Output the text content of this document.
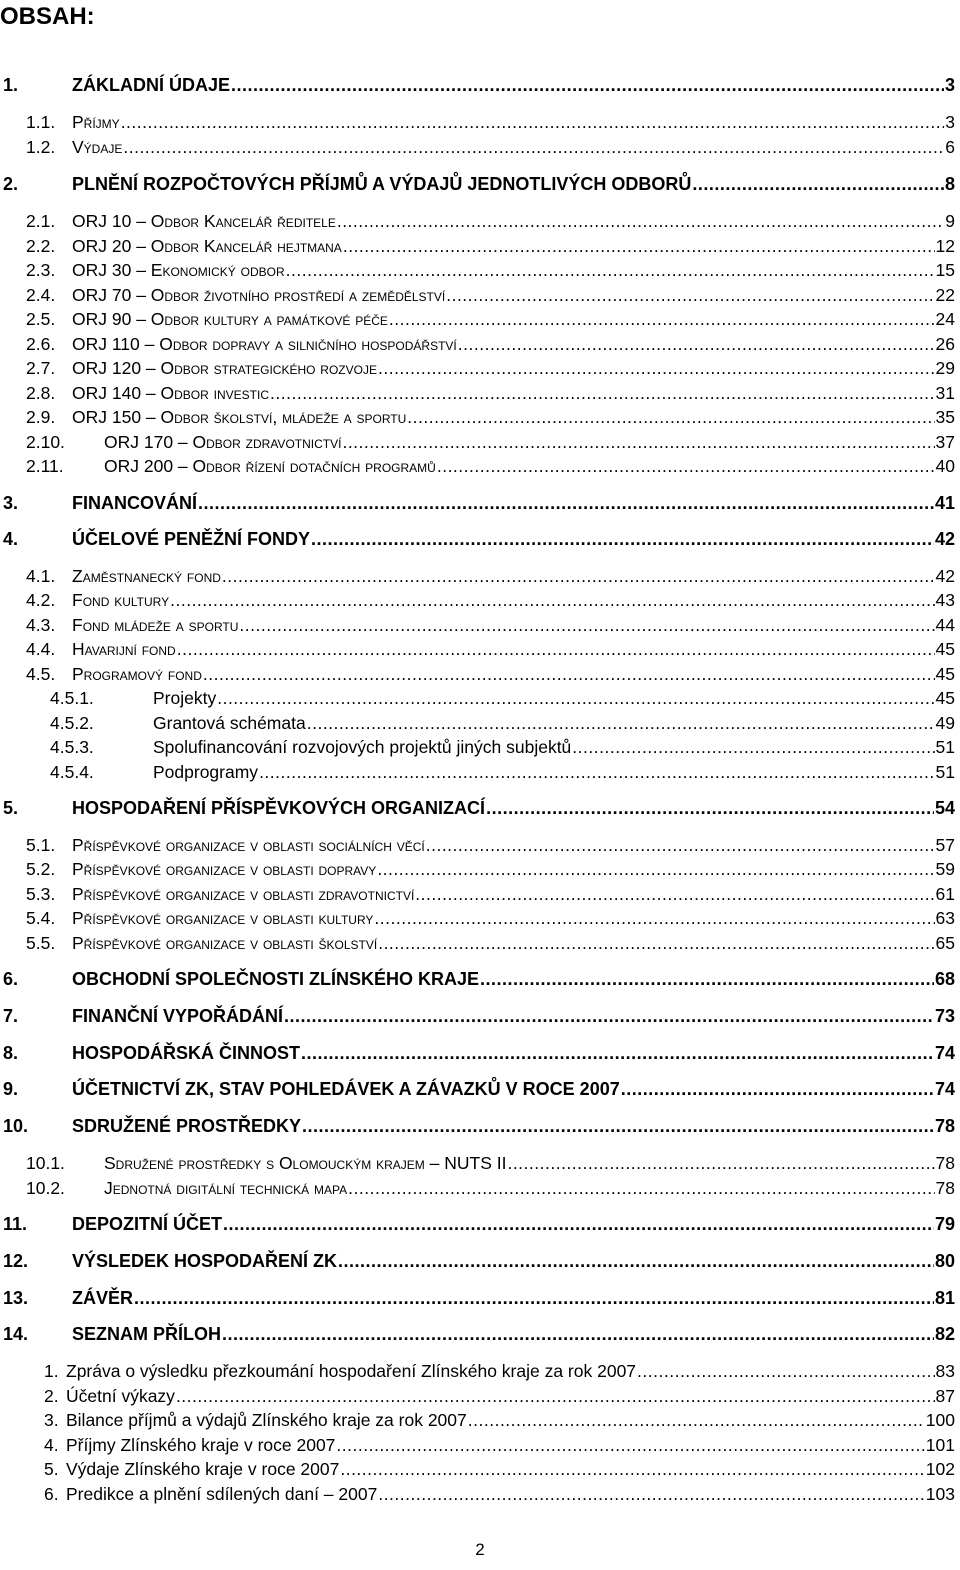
OBSAH:
1.	ZÁKLADNÍ ÚDAJE .....	3
1.1. Příjmy .....	3
1.2. Výdaje .....	6
2.	PLNĚNÍ ROZPOČTOVÝCH PŘÍJMŮ A VÝDAJŮ JEDNOTLIVÝCH ODBORŮ .....	8
2.1. ORJ 10 – Odbor Kancelář ředitele .....	9
2.2. ORJ 20 – Odbor Kancelář hejtmana .....	12
2.3. ORJ 30 – Ekonomický odbor .....	15
2.4. ORJ 70 – Odbor životního prostředí a zemědělství .....	22
2.5. ORJ 90 – Odbor kultury a památkové péče .....	24
2.6. ORJ 110 – Odbor dopravy a silničního hospodářství .....	26
2.7. ORJ 120 – Odbor strategického rozvoje .....	29
2.8. ORJ 140 – Odbor investic .....	31
2.9. ORJ 150 – Odbor školství, mládeže a sportu .....	35
2.10.	ORJ 170 – Odbor zdravotnictví .....	37
2.11.	ORJ 200 – Odbor řízení dotačních programů .....	40
3.	FINANCOVÁNÍ .....	41
4.	ÚČELOVÉ PENĚŽNÍ FONDY .....	42
4.1. Zaměstnanecký fond .....	42
4.2. Fond kultury .....	43
4.3. Fond mládeže a sportu .....	44
4.4. Havarijní fond .....	45
4.5. Programový fond .....	45
4.5.1.	Projekty .....	45
4.5.2.	Grantová schémata .....	49
4.5.3.	Spolufinancování rozvojových projektů jiných subjektů .....	51
4.5.4.	Podprogramy .....	51
5.	HOSPODAŘENÍ PŘÍSPĚVKOVÝCH ORGANIZACÍ .....	54
5.1. Příspěvkové organizace v oblasti sociálních věcí .....	57
5.2. Příspěvkové organizace v oblasti dopravy .....	59
5.3. Příspěvkové organizace v oblasti zdravotnictví .....	61
5.4. Příspěvkové organizace v oblasti kultury .....	63
5.5. Příspěvkové organizace v oblasti školství .....	65
6.	OBCHODNÍ SPOLEČNOSTI ZLÍNSKÉHO KRAJE .....	68
7.	FINANČNÍ VYPOŘÁDÁNÍ .....	73
8.	HOSPODÁŘSKÁ ČINNOST .....	74
9.	ÚČETNICTVÍ ZK, STAV POHLEDÁVEK A ZÁVAZKŮ V ROCE 2007 .....	74
10.	SDRUŽENÉ PROSTŘEDKY .....	78
10.1.	Sdružené prostředky s Olomouckým krajem – NUTS II .....	78
10.2.	Jednotná digitální technická mapa .....	78
11.	DEPOZITNÍ ÚČET .....	79
12.	VÝSLEDEK HOSPODAŘENÍ ZK .....	80
13.	ZÁVĚR .....	81
14.	SEZNAM PŘÍLOH .....	82
1. Zpráva o výsledku přezkoumání hospodaření Zlínského kraje za rok 2007 .....	83
2. Účetní výkazy .....	87
3. Bilance příjmů a výdajů Zlínského kraje za rok 2007 .....	100
4. Příjmy Zlínského kraje v roce 2007 .....	101
5. Výdaje Zlínského kraje v roce 2007 .....	102
6. Predikce a plnění sdílených daní – 2007 .....	103
2
